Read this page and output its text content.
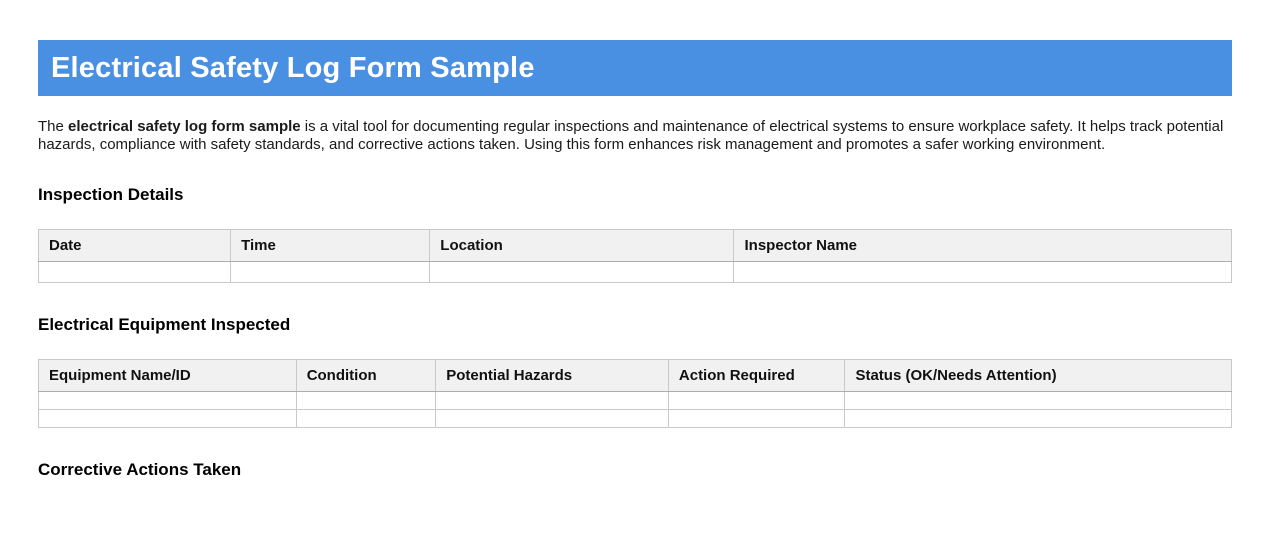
Electrical Safety Log Form Sample

The electrical safety log form sample is a vital tool for documenting regular inspections and maintenance of electrical systems to ensure workplace safety. It helps track potential hazards, compliance with safety standards, and corrective actions taken. Using this form enhances risk management and promotes a safer working environment.

Inspection Details
Date	Time	Location	Inspector Name

Electrical Equipment Inspected
Equipment Name/ID	Condition	Potential Hazards	Action Required	Status (OK/Needs Attention)

Corrective Actions Taken
